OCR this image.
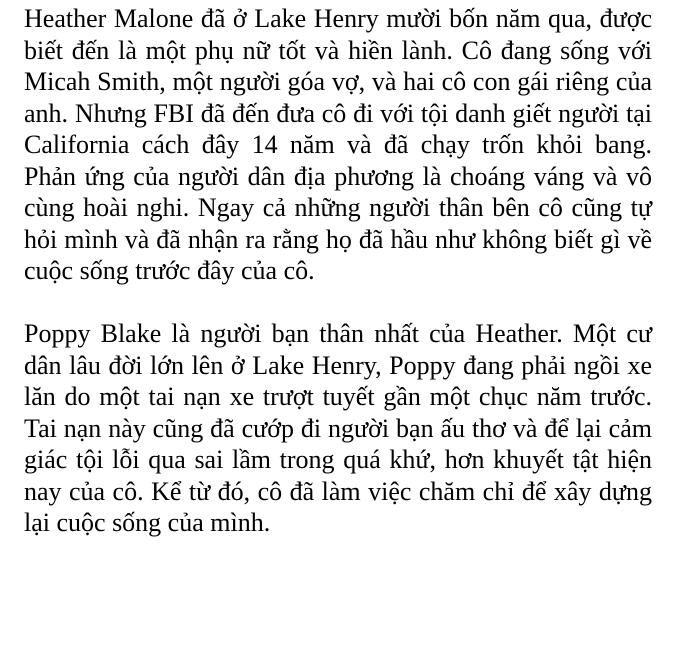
Heather Malone đã ở Lake Henry mười bốn năm qua, được biết đến là một phụ nữ tốt và hiền lành. Cô đang sống với Micah Smith, một người góa vợ, và hai cô con gái riêng của anh. Nhưng FBI đã đến đưa cô đi với tội danh giết người tại California cách đây 14 năm và đã chạy trốn khỏi bang. Phản ứng của người dân địa phương là choáng váng và vô cùng hoài nghi. Ngay cả những người thân bên cô cũng tự hỏi mình và đã nhận ra rằng họ đã hầu như không biết gì về cuộc sống trước đây của cô.

Poppy Blake là người bạn thân nhất của Heather. Một cư dân lâu đời lớn lên ở Lake Henry, Poppy đang phải ngồi xe lăn do một tai nạn xe trượt tuyết gần một chục năm trước. Tai nạn này cũng đã cướp đi người bạn ấu thơ và để lại cảm giác tội lỗi qua sai lầm trong quá khứ, hơn khuyết tật hiện nay của cô. Kể từ đó, cô đã làm việc chăm chỉ để xây dựng lại cuộc sống của mình.
